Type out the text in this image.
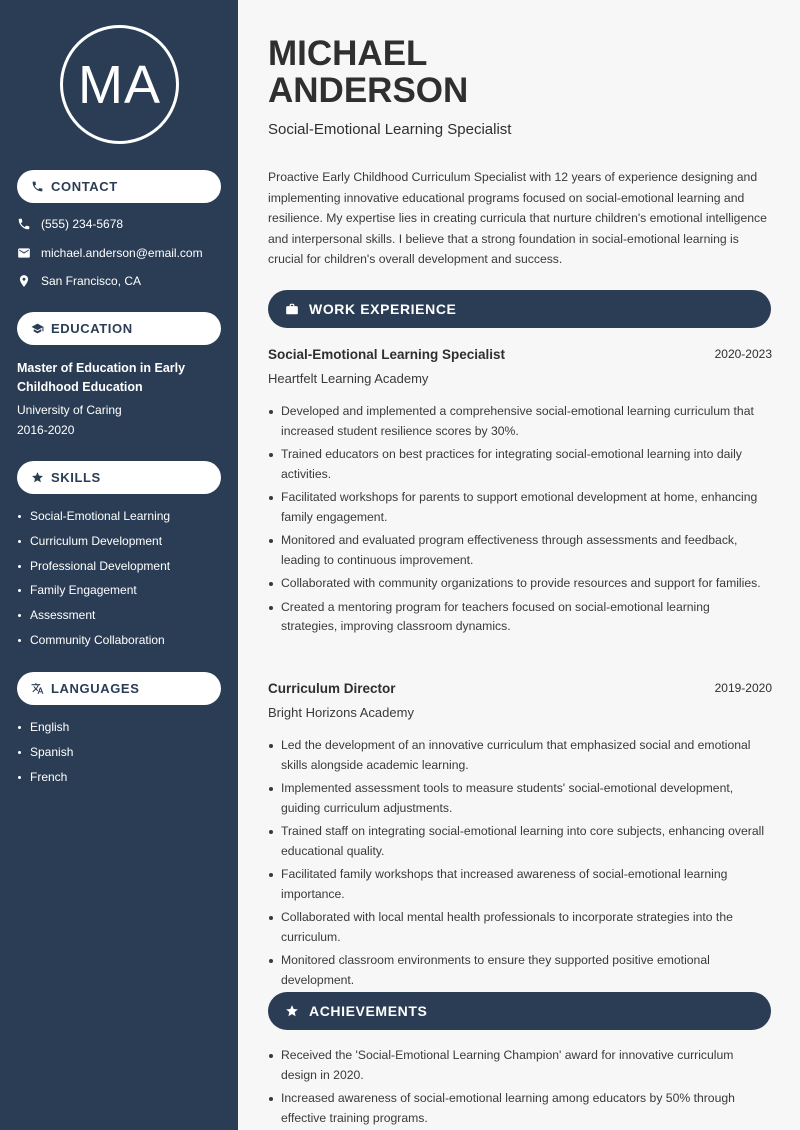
MA
CONTACT
(555) 234-5678
michael.anderson@email.com
San Francisco, CA
EDUCATION
Master of Education in Early Childhood Education
University of Caring
2016-2020
SKILLS
Social-Emotional Learning
Curriculum Development
Professional Development
Family Engagement
Assessment
Community Collaboration
LANGUAGES
English
Spanish
French
MICHAEL
ANDERSON
Social-Emotional Learning Specialist

Proactive Early Childhood Curriculum Specialist with 12 years of experience designing and implementing innovative educational programs focused on social-emotional learning and resilience. My expertise lies in creating curricula that nurture children's emotional intelligence and interpersonal skills. I believe that a strong foundation in social-emotional learning is crucial for children's overall development and success.

WORK EXPERIENCE
Social-Emotional Learning Specialist	2020-2023
Heartfelt Learning Academy
Developed and implemented a comprehensive social-emotional learning curriculum that increased student resilience scores by 30%.
Trained educators on best practices for integrating social-emotional learning into daily activities.
Facilitated workshops for parents to support emotional development at home, enhancing family engagement.
Monitored and evaluated program effectiveness through assessments and feedback, leading to continuous improvement.
Collaborated with community organizations to provide resources and support for families.
Created a mentoring program for teachers focused on social-emotional learning strategies, improving classroom dynamics.
Curriculum Director	2019-2020
Bright Horizons Academy
Led the development of an innovative curriculum that emphasized social and emotional skills alongside academic learning.
Implemented assessment tools to measure students' social-emotional development, guiding curriculum adjustments.
Trained staff on integrating social-emotional learning into core subjects, enhancing overall educational quality.
Facilitated family workshops that increased awareness of social-emotional learning importance.
Collaborated with local mental health professionals to incorporate strategies into the curriculum.
Monitored classroom environments to ensure they supported positive emotional development.
ACHIEVEMENTS
Received the 'Social-Emotional Learning Champion' award for innovative curriculum design in 2020.
Increased awareness of social-emotional learning among educators by 50% through effective training programs.
